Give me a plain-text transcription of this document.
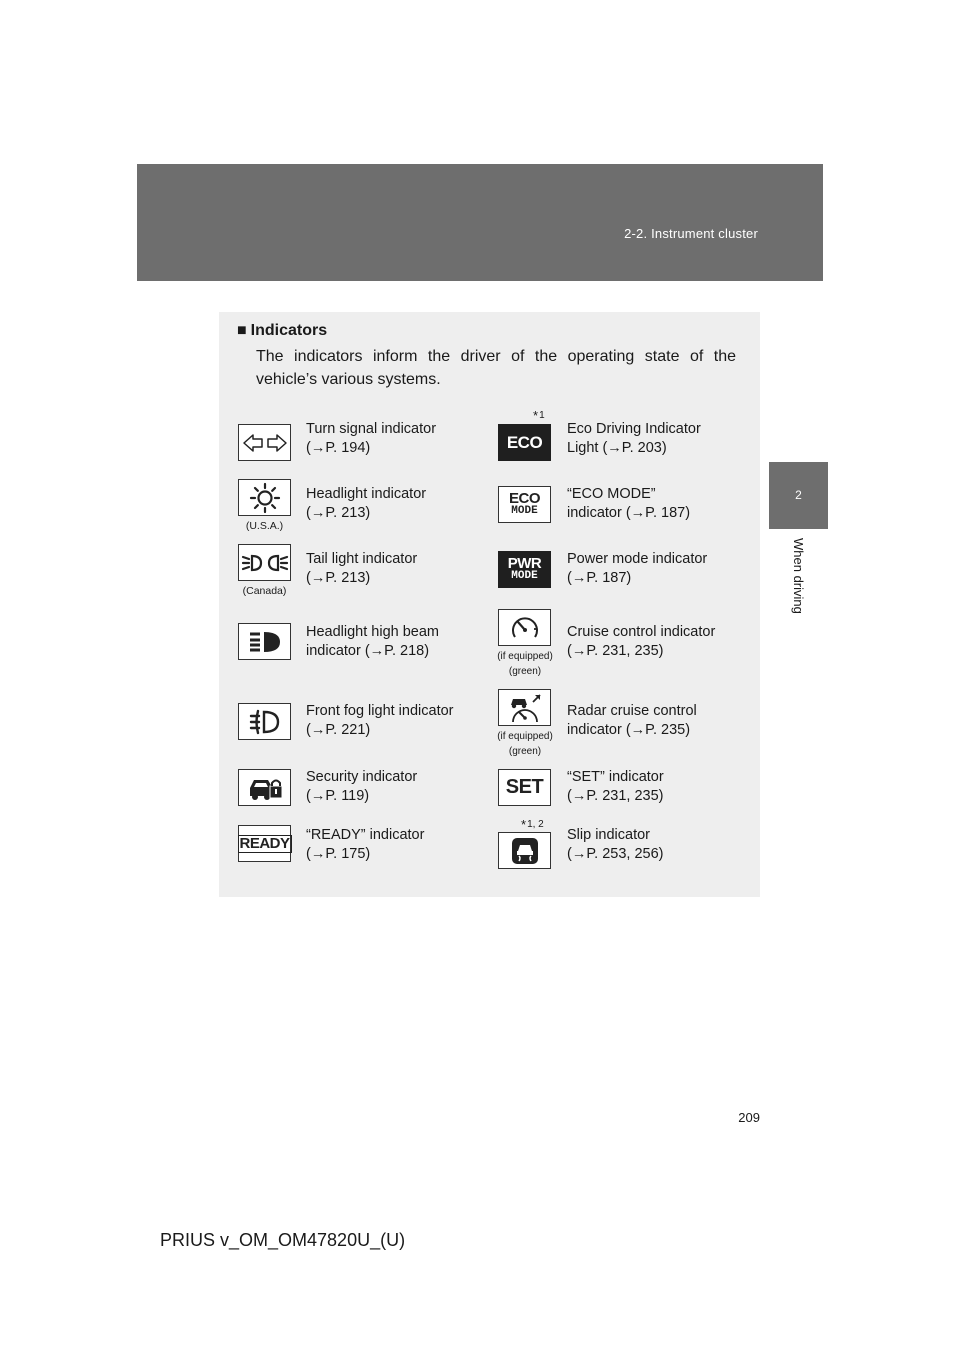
2-2. Instrument cluster
2
When driving
■ Indicators
The indicators inform the driver of the operating state of the vehicle’s various systems.
Turn signal indicator
(→P. 194)
(U.S.A.)
Headlight indicator
(→P. 213)
(Canada)
Tail light indicator
(→P. 213)
Headlight high beam
indicator (→P. 218)
Front fog light indicator
(→P. 221)
Security indicator
(→P. 119)
READY “READY” indicator
(→P. 175)
$*_1$
ECO
Eco Driving Indicator
Light (→P. 203)
ECO
MODE
“ECO MODE”
indicator (→P. 187)
PWR
MODE
Power mode indicator
(→P. 187)
(if equipped)
(green)
Cruise control indicator
(→P. 231, 235)
(if equipped)
(green)
Radar cruise control
indicator (→P. 235)
SET “SET” indicator
(→P. 231, 235)
$*_{1, 2}$
Slip indicator
(→P. 253, 256)
209
PRIUS v_OM_OM47820U_(U)
